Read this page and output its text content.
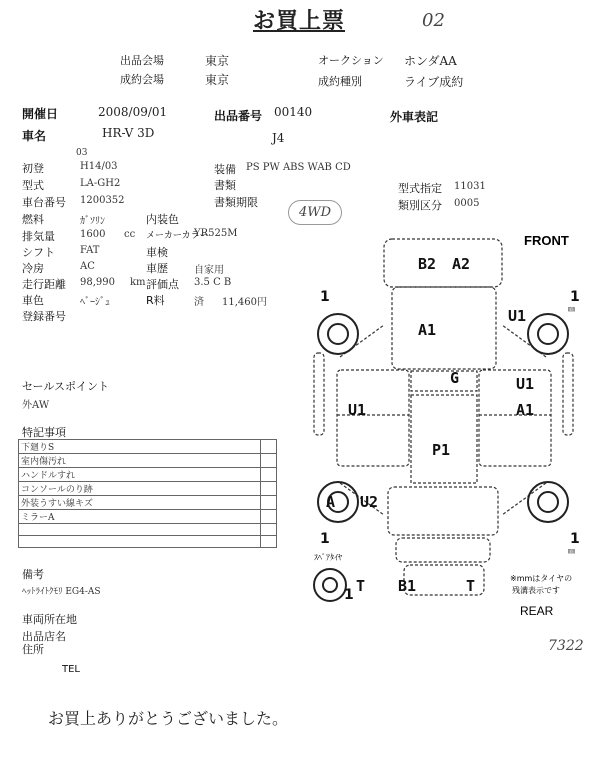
お買上票	02
出品会場	東京	オークション ホンダAA
成約会場	東京	成約種別	ライブ成約
開催日	2008/09/01	出品番号 00140	外車表記
車名	HR-V 3D	J4
03
初登	H14/03
型式	LA-GH2
車台番号 1200352
燃料	ｶﾞｿﾘﾝ
排気量	1600 cc
シフト	FAT
冷房	AC
走行距離 98,990 km
車色	ﾍﾞｰｼﾞｭ
登録番号
装備 PS PW ABS WAB CD
書類
書類期限
内装色
メーカーカラー
YR525M
車検
車歴	自家用
評価点 3.5 C B
R料	済 11,460円
型式指定 11031
類別区分 0005
4WD
セールスポイント
外AW
特記事項
下廻りS	
室内傷汚れ	
ハンドルすれ	
コンソールのり跡	
外装うすい線キズ	
ミラーA	

備考
ﾍｯﾄﾗｲﾄｸﾓﾘ EG4-AS
車両所在地
出品店名
住所
TEL
お買上ありがとうございました。
FRONT
REAR
ｽﾍﾟｱﾀｲﾔ
※mmはタイヤの
残溝表示です
B2 A2
A1
U1
U1
U1
A1
G
P1
A U2
T B1	T
1	1
1	1
1
㎜
㎜
7322
